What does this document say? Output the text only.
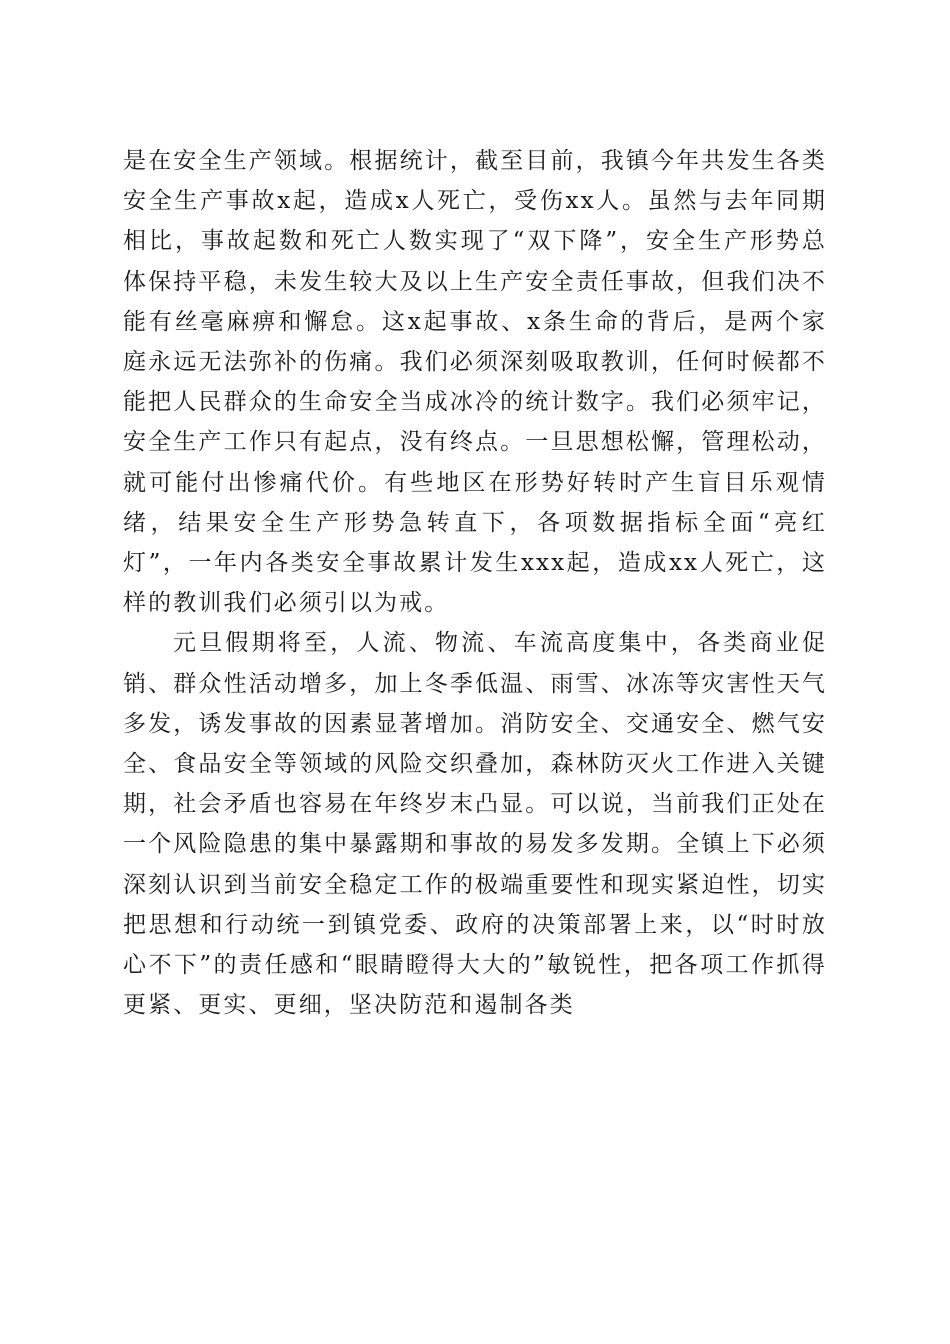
是在安全生产领域。根据统计，截至目前，我镇今年共发生各类安全生产事故x起，造成x人死亡，受伤xx人。虽然与去年同期相比，事故起数和死亡人数实现了“双下降”，安全生产形势总体保持平稳，未发生较大及以上生产安全责任事故，但我们决不能有丝毫麻痹和懈怠。这x起事故、x条生命的背后，是两个家庭永远无法弥补的伤痛。我们必须深刻吸取教训，任何时候都不能把人民群众的生命安全当成冰冷的统计数字。我们必须牢记，安全生产工作只有起点，没有终点。一旦思想松懈，管理松动，就可能付出惨痛代价。有些地区在形势好转时产生盲目乐观情绪，结果安全生产形势急转直下，各项数据指标全面“亮红灯”，一年内各类安全事故累计发生xxx起，造成xx人死亡，这样的教训我们必须引以为戒。

元旦假期将至，人流、物流、车流高度集中，各类商业促销、群众性活动增多，加上冬季低温、雨雪、冰冻等灾害性天气多发，诱发事故的因素显著增加。消防安全、交通安全、燃气安全、食品安全等领域的风险交织叠加，森林防灭火工作进入关键期，社会矛盾也容易在年终岁末凸显。可以说，当前我们正处在一个风险隐患的集中暴露期和事故的易发多发期。全镇上下必须深刻认识到当前安全稳定工作的极端重要性和现实紧迫性，切实把思想和行动统一到镇党委、政府的决策部署上来，以“时时放心不下”的责任感和“眼睛瞪得大大的”敏锐性，把各项工作抓得更紧、更实、更细，坚决防范和遏制各类
